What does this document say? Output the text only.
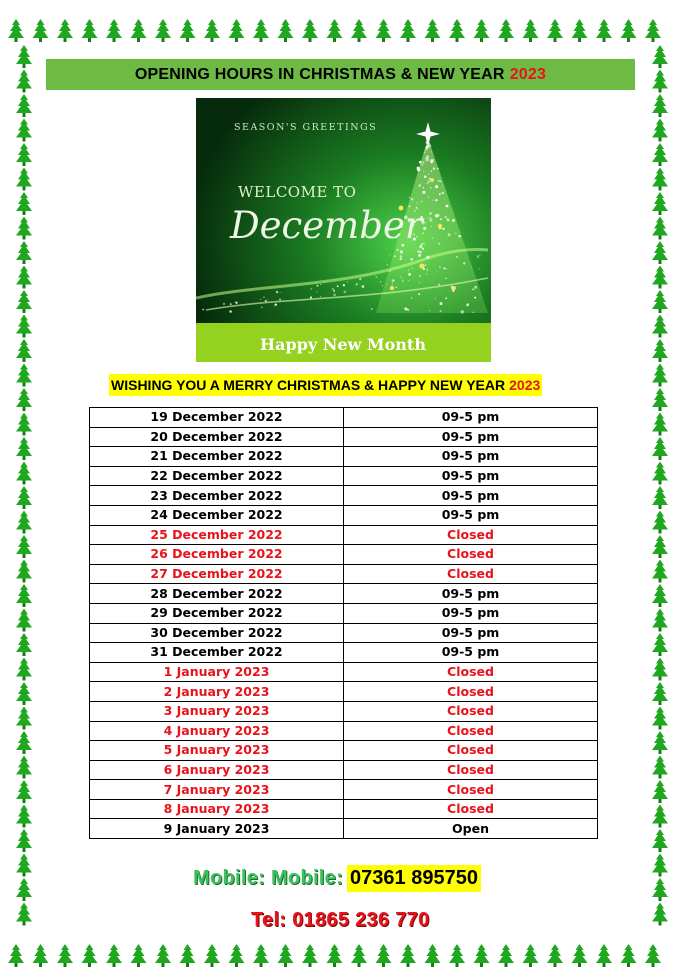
OPENING HOURS IN CHRISTMAS & NEW YEAR 2023
SEASON'S GREETINGS
WELCOME TO
December
Happy New Month
WISHING YOU A MERRY CHRISTMAS & HAPPY NEW YEAR 2023
19 December 2022	09-5 pm
20 December 2022	09-5 pm
21 December 2022	09-5 pm
22 December 2022	09-5 pm
23 December 2022	09-5 pm
24 December 2022	09-5 pm
25 December 2022	Closed
26 December 2022	Closed
27 December 2022	Closed
28 December 2022	09-5 pm
29 December 2022	09-5 pm
30 December 2022	09-5 pm
31 December 2022	09-5 pm
1 January 2023	Closed
2 January 2023	Closed
3 January 2023	Closed
4 January 2023	Closed
5 January 2023	Closed
6 January 2023	Closed
7 January 2023	Closed
8 January 2023	Closed
9 January 2023	Open
Mobile: Mobile: 07361 895750
Tel: 01865 236 770
